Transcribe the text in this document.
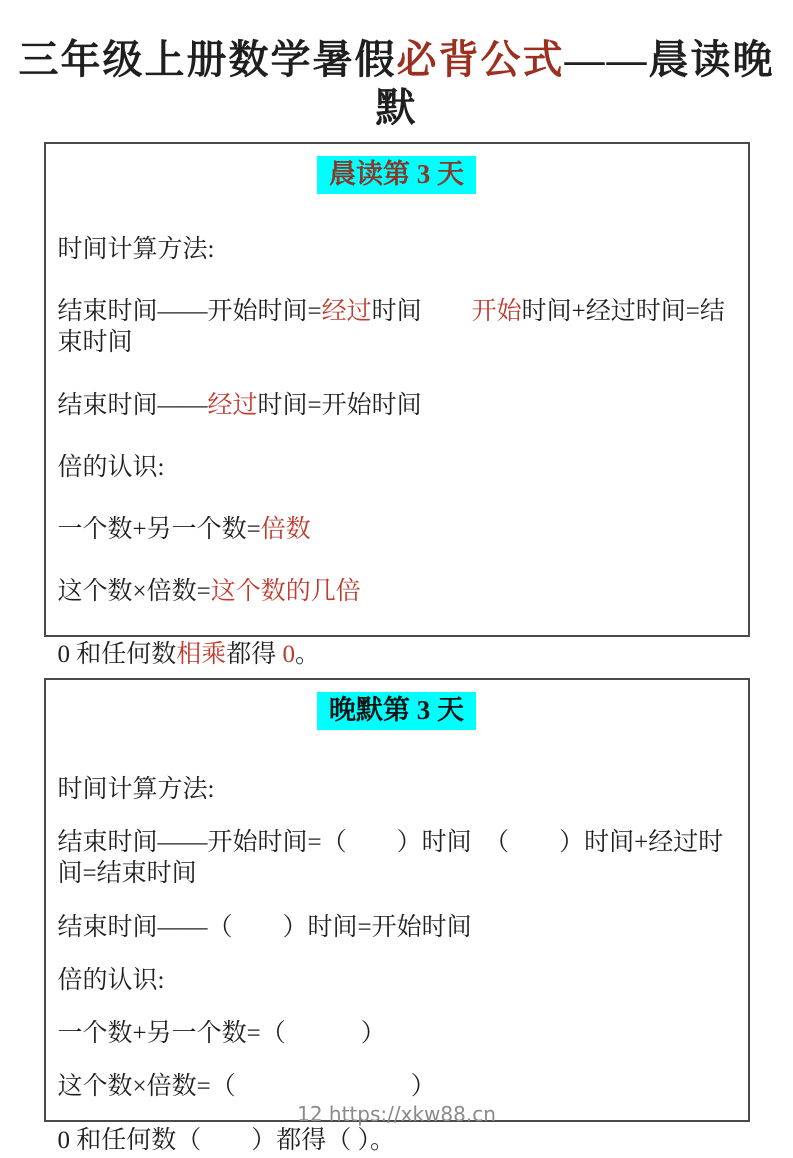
三年级上册数学暑假必背公式——晨读晚默
晨读第 3 天

时间计算方法:

结束时间——开始时间=经过时间　　开始时间+经过时间=结束时间

结束时间——经过时间=开始时间

倍的认识:

一个数+另一个数=倍数

这个数×倍数=这个数的几倍

0 和任何数相乘都得 0。

晚默第 3 天

时间计算方法:

结束时间——开始时间=（　　）时间　（　　）时间+经过时间=结束时间

结束时间——（　　）时间=开始时间

倍的认识:

一个数+另一个数=（　　　）

这个数×倍数=（　　　　　　　）

0 和任何数（　　）都得（ ）。

12 https://xkw88.cn
